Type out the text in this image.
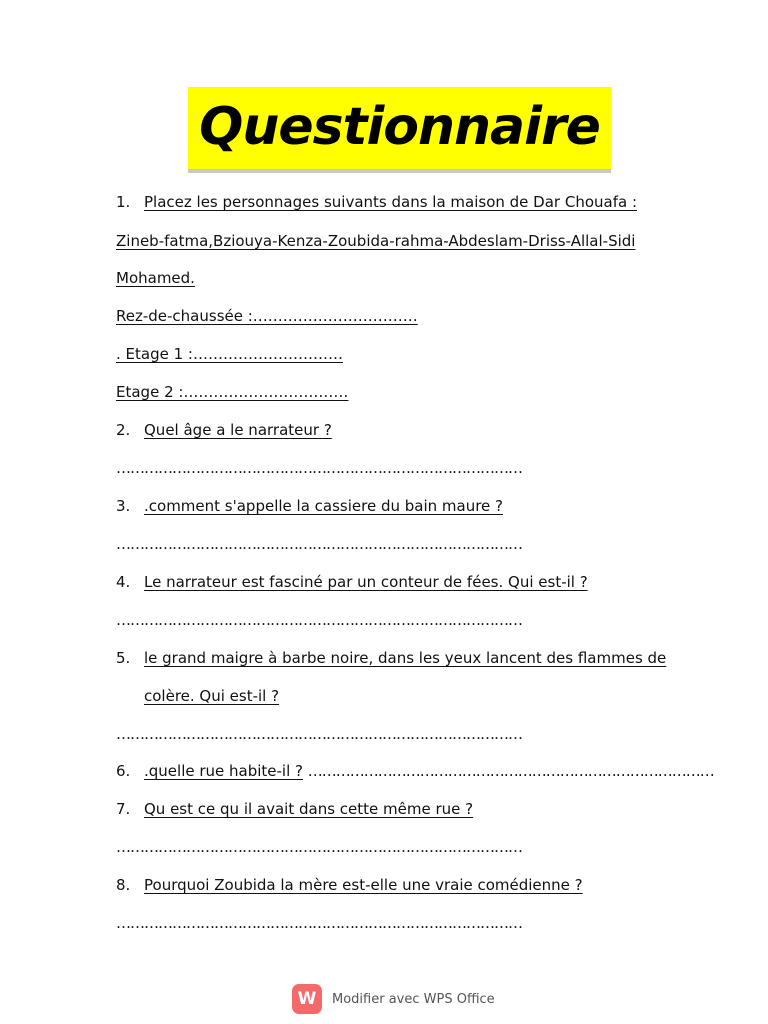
Questionnaire
1. Placez les personnages suivants dans la maison de Dar Chouafa :
Zineb-fatma,Bziouya-Kenza-Zoubida-rahma-Abdeslam-Driss-Allal-Sidi
Mohamed.
Rez-de-chaussée :……………………………
. Etage 1 :…………………………
Etage 2 :……………………………
2. Quel âge a le narrateur ?
……………………………………………………………………………
3. .comment s'appelle la cassiere du bain maure ?
……………………………………………………………………………
4. Le narrateur est fasciné par un conteur de fées. Qui est-il ?
……………………………………………………………………………
5. le grand maigre à barbe noire, dans les yeux lancent des flammes de
colère. Qui est-il ?
……………………………………………………………………………
6. .quelle rue habite-il ? ……………………………………………………………………………
7. Qu est ce qu il avait dans cette même rue ?
……………………………………………………………………………
8. Pourquoi Zoubida la mère est-elle une vraie comédienne ?
……………………………………………………………………………
W	Modifier avec WPS Office
